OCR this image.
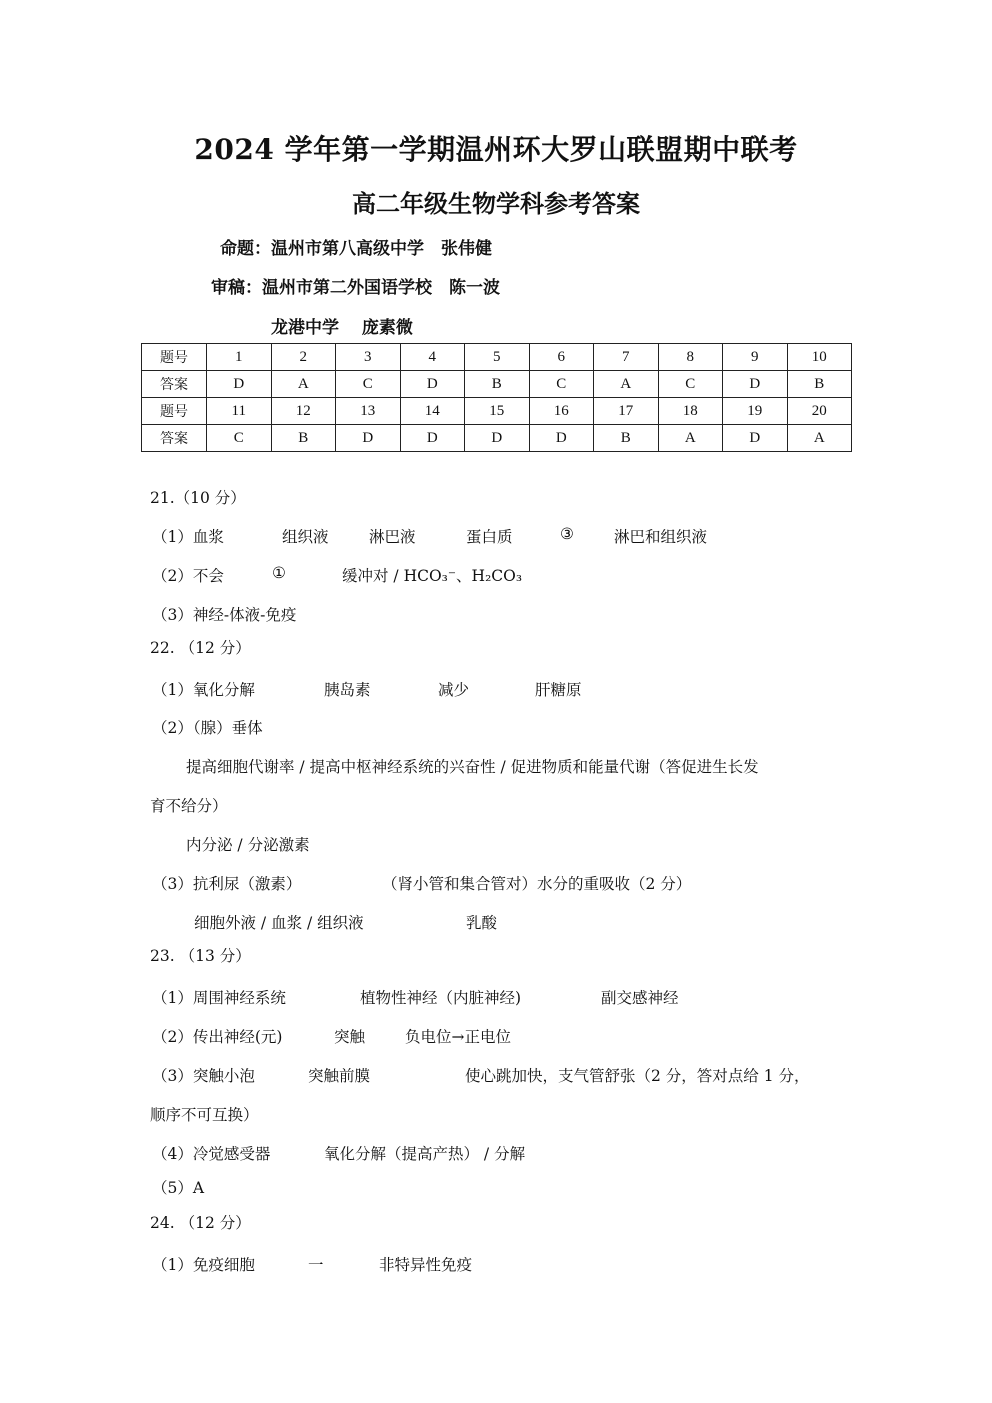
2024 学年第一学期温州环大罗山联盟期中联考
高二年级生物学科参考答案
命题：温州市第八高级中学　张伟健
审稿：温州市第二外国语学校　陈一波
龙港中学　 庞素微
题号	1	2	3	4	5	6	7	8	9	10
答案	D	A	C	D	B	C	A	C	D	B
题号	11	12	13	14	15	16	17	18	19	20
答案	C	B	D	D	D	D	B	A	D	A
21.（10 分）
（1）血浆	组织液	淋巴液	蛋白质	③	淋巴和组织液
（2）不会	①	缓冲对 / HCO₃⁻、H₂CO₃
（3）神经-体液-免疫
22. （12 分）
（1）氧化分解	胰岛素	减少	肝糖原
（2）（腺）垂体
提高细胞代谢率 / 提高中枢神经系统的兴奋性 / 促进物质和能量代谢（答促进生长发
育不给分）
内分泌 / 分泌激素
（3）抗利尿（激素）	（肾小管和集合管对）水分的重吸收（2 分）
细胞外液 / 血浆 / 组织液	乳酸
23. （13 分）
（1）周围神经系统	植物性神经（内脏神经)	副交感神经
（2）传出神经(元)	突触	负电位→正电位
（3）突触小泡	突触前膜	使心跳加快，支气管舒张（2 分，答对点给 1 分，
顺序不可互换）
（4）冷觉感受器	氧化分解（提高产热） / 分解
（5）A
24. （12 分）
（1）免疫细胞	一	非特异性免疫
